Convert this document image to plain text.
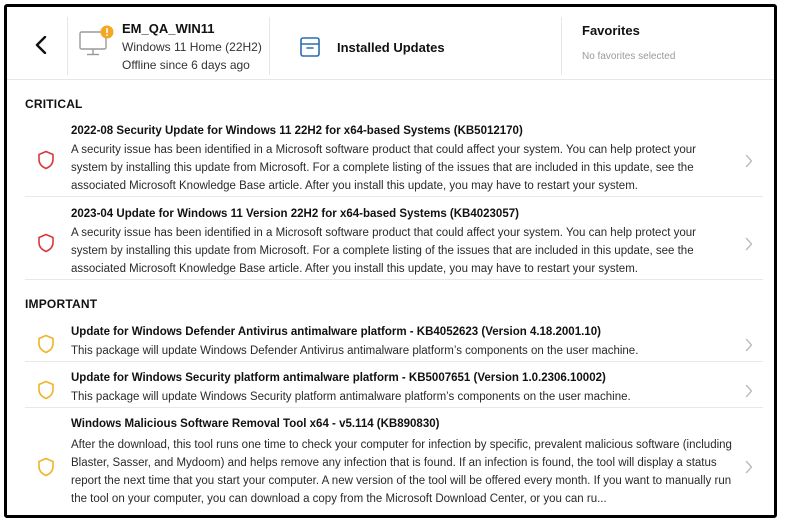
EM_QA_WIN11
Windows 11 Home (22H2)
Offline since 6 days ago
Installed Updates
Favorites
No favorites selected
CRITICAL
2022-08 Security Update for Windows 11 22H2 for x64-based Systems (KB5012170)
A security issue has been identified in a Microsoft software product that could affect your system. You can help protect your system by installing this update from Microsoft. For a complete listing of the issues that are included in this update, see the associated Microsoft Knowledge Base article. After you install this update, you may have to restart your system.
2023-04 Update for Windows 11 Version 22H2 for x64-based Systems (KB4023057)
A security issue has been identified in a Microsoft software product that could affect your system. You can help protect your system by installing this update from Microsoft. For a complete listing of the issues that are included in this update, see the associated Microsoft Knowledge Base article. After you install this update, you may have to restart your system.
IMPORTANT
Update for Windows Defender Antivirus antimalware platform - KB4052623 (Version 4.18.2001.10)
This package will update Windows Defender Antivirus antimalware platform’s components on the user machine.
Update for Windows Security platform antimalware platform - KB5007651 (Version 1.0.2306.10002)
This package will update Windows Security platform antimalware platform’s components on the user machine.
Windows Malicious Software Removal Tool x64 - v5.114 (KB890830)
After the download, this tool runs one time to check your computer for infection by specific, prevalent malicious software (including Blaster, Sasser, and Mydoom) and helps remove any infection that is found. If an infection is found, the tool will display a status report the next time that you start your computer. A new version of the tool will be offered every month. If you want to manually run the tool on your computer, you can download a copy from the Microsoft Download Center, or you can ru...
